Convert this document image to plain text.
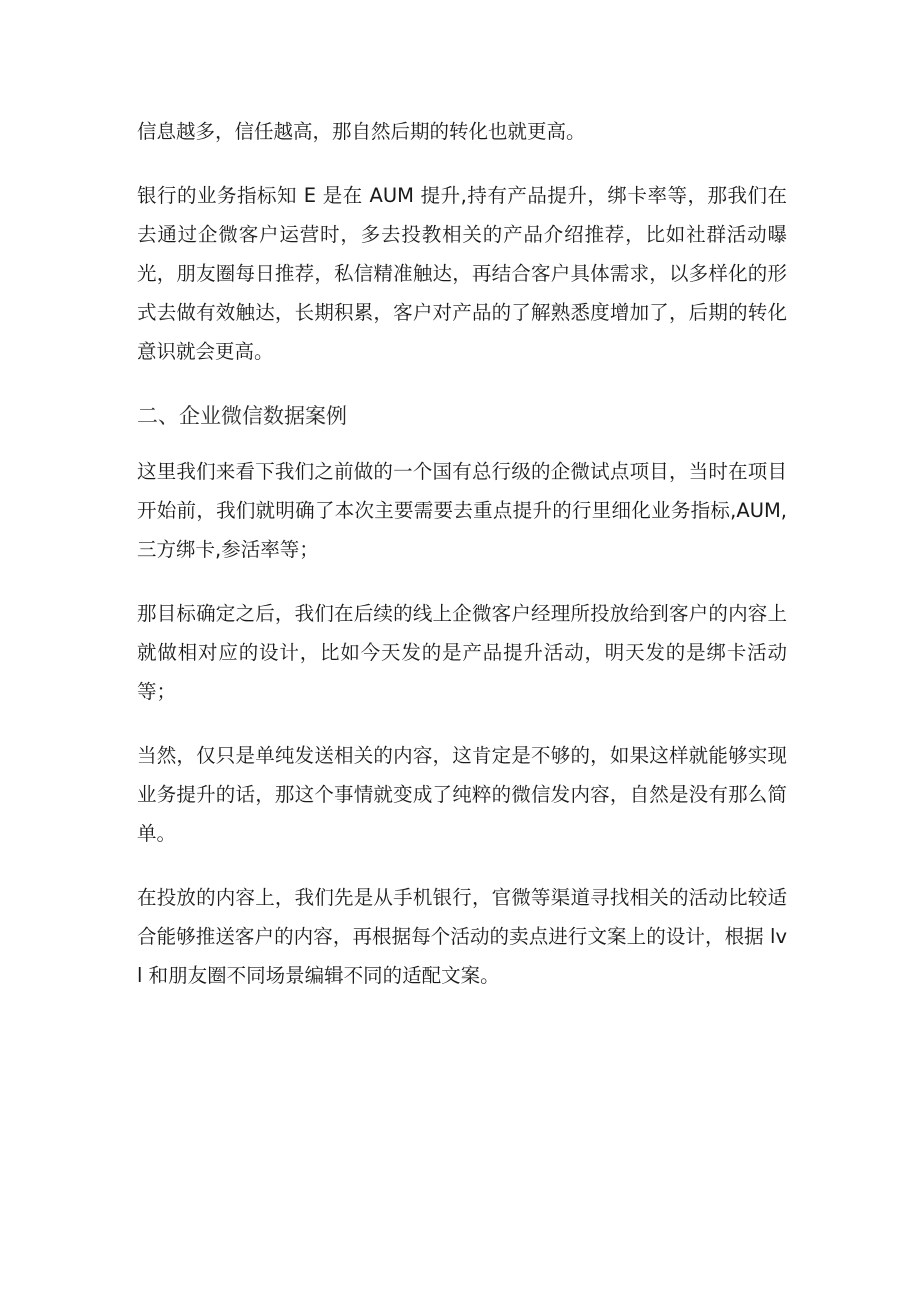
信息越多，信任越高，那自然后期的转化也就更高。

银行的业务指标知 E 是在 AUM 提升,持有产品提升，绑卡率等，那我们在去通过企微客户运营时，多去投教相关的产品介绍推荐，比如社群活动曝光，朋友圈每日推荐，私信精准触达，再结合客户具体需求，以多样化的形式去做有效触达，长期积累，客户对产品的了解熟悉度增加了，后期的转化意识就会更高。

二、企业微信数据案例

这里我们来看下我们之前做的一个国有总行级的企微试点项目，当时在项目开始前，我们就明确了本次主要需要去重点提升的行里细化业务指标,AUM,三方绑卡,参活率等；

那目标确定之后，我们在后续的线上企微客户经理所投放给到客户的内容上就做相对应的设计，比如今天发的是产品提升活动，明天发的是绑卡活动等；

当然，仅只是单纯发送相关的内容，这肯定是不够的，如果这样就能够实现业务提升的话，那这个事情就变成了纯粹的微信发内容，自然是没有那么简单。

在投放的内容上，我们先是从手机银行，官微等渠道寻找相关的活动比较适合能够推送客户的内容，再根据每个活动的卖点进行文案上的设计，根据 lvl 和朋友圈不同场景编辑不同的适配文案。
